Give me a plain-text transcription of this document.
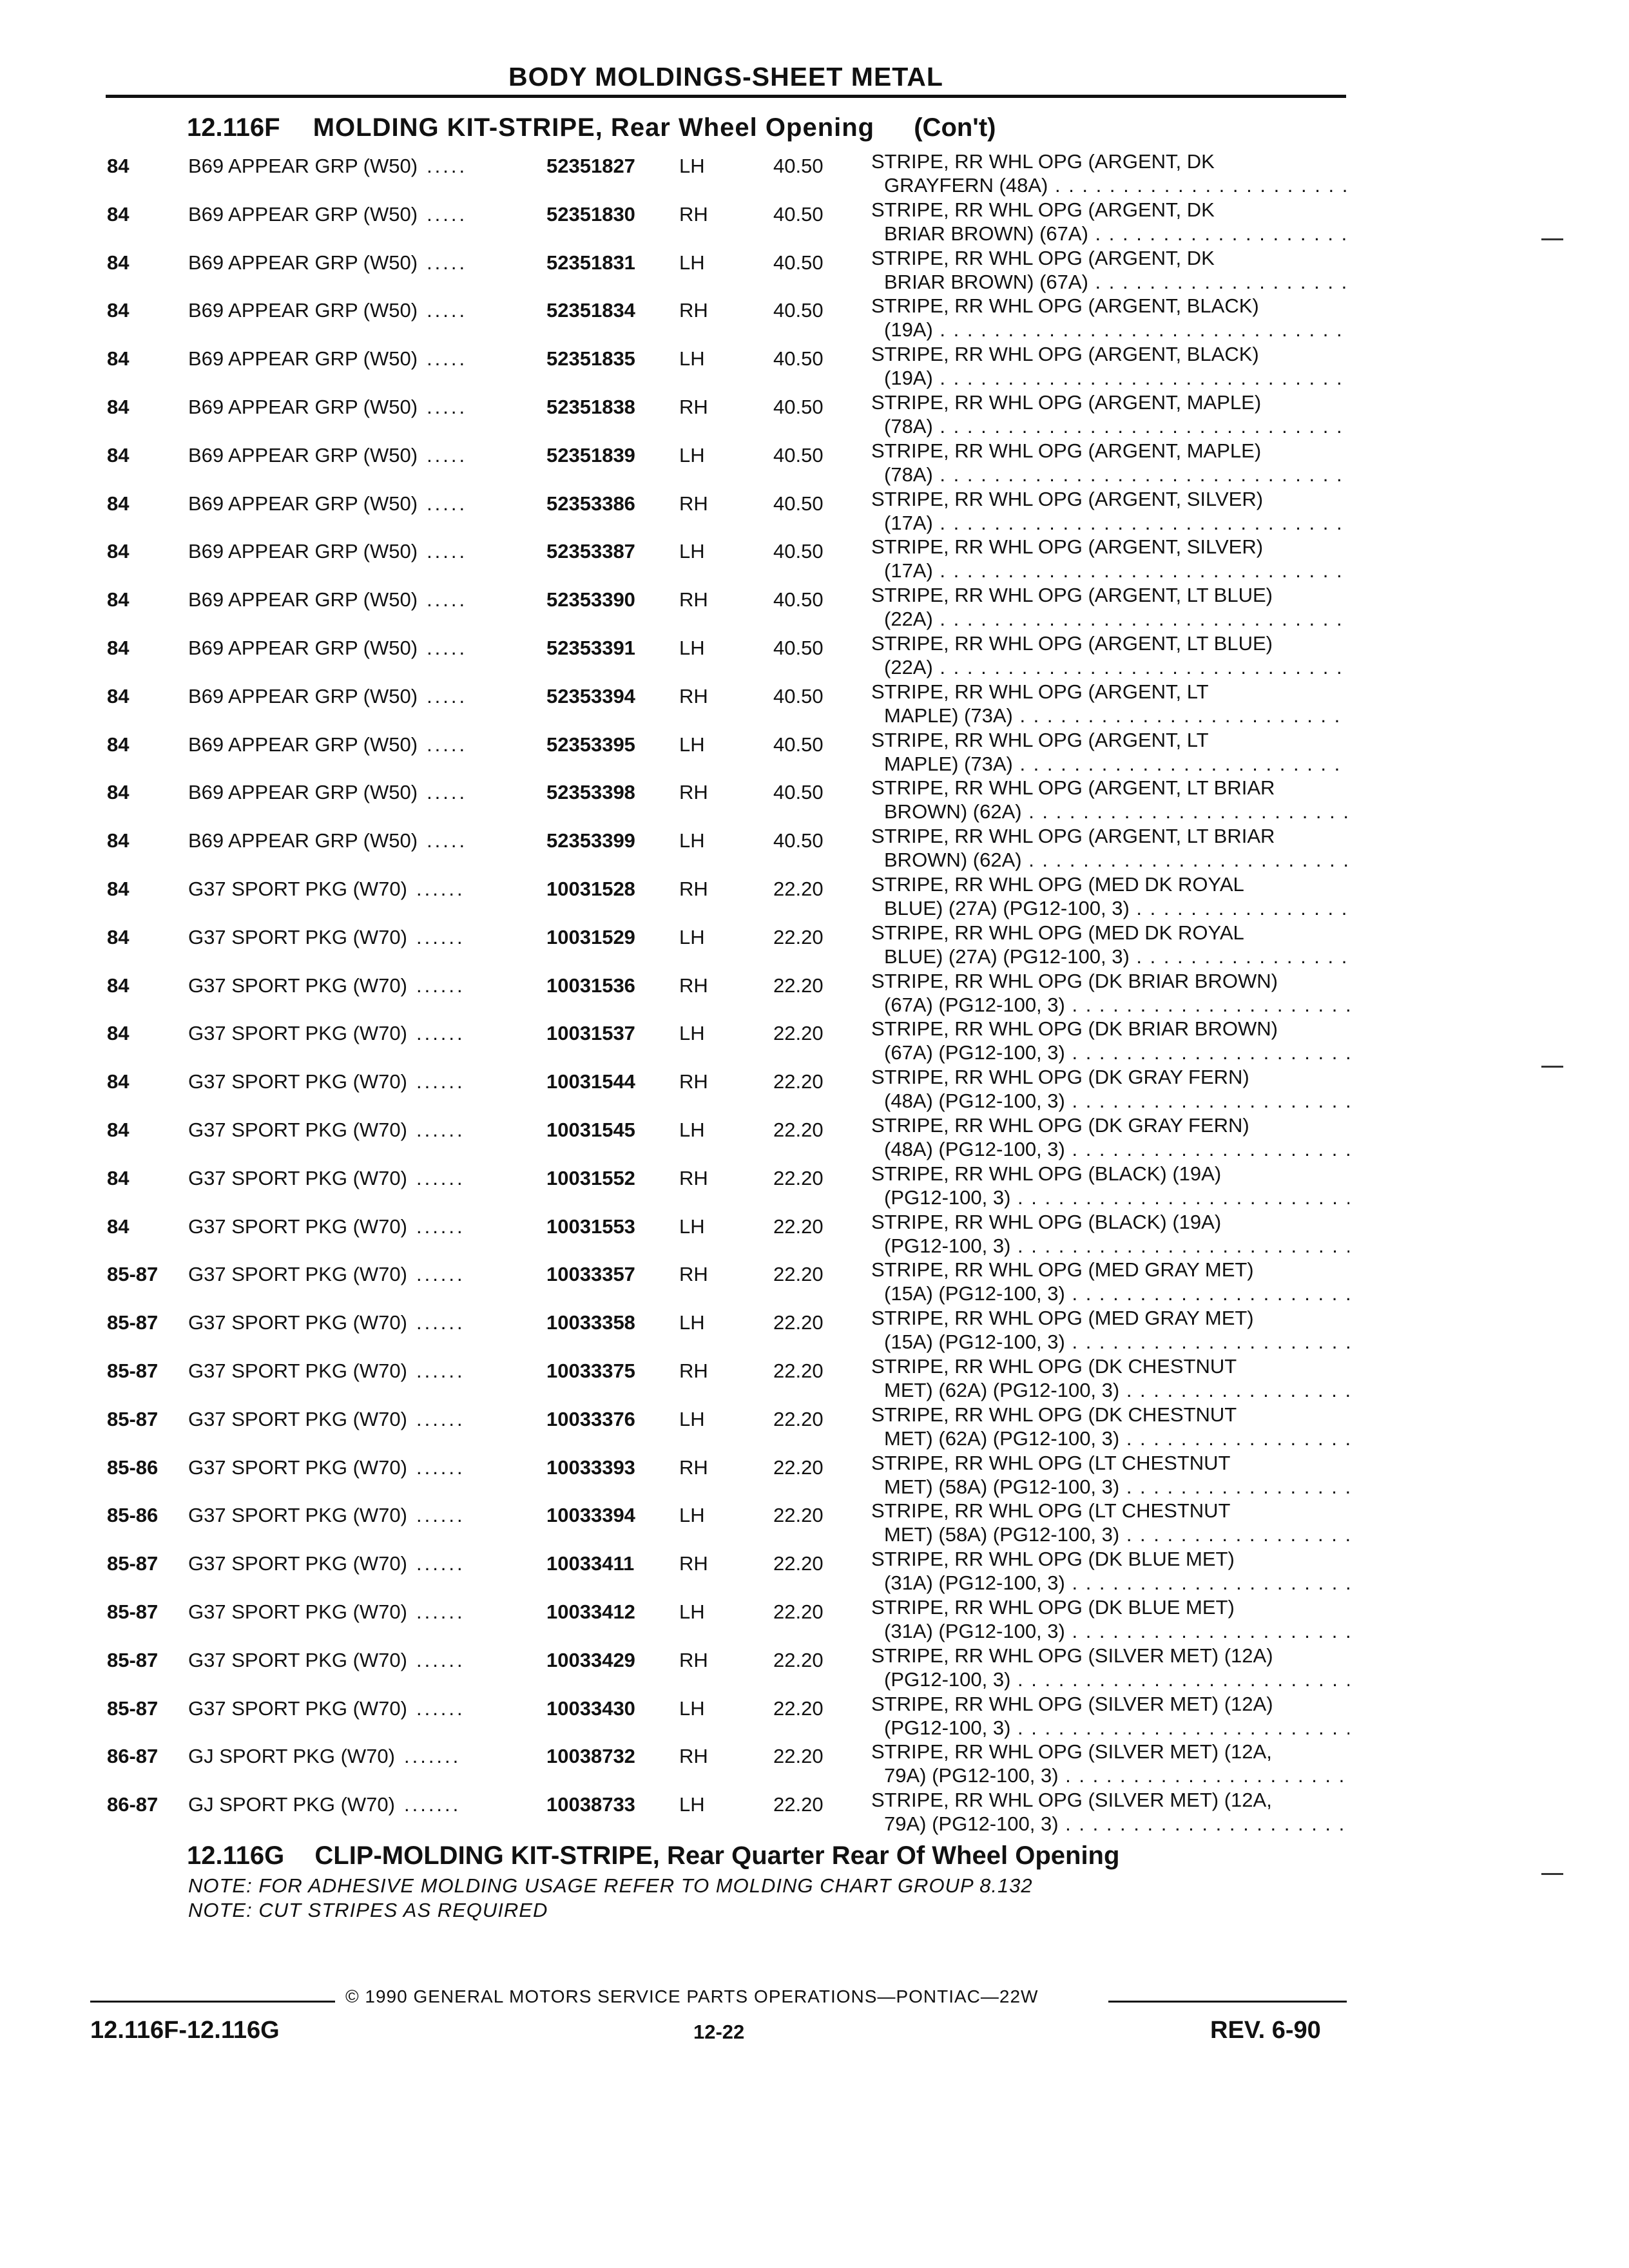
BODY MOLDINGS-SHEET METAL
12.116F MOLDING KIT-STRIPE, Rear Wheel Opening (Con't)
84	B69 APPEAR GRP (W50) .....	52351827 LH	40.50 STRIPE, RR WHL OPG (ARGENT, DK
GRAYFERN (48A) . . .
84	B69 APPEAR GRP (W50) .....	52351830 RH	40.50 STRIPE, RR WHL OPG (ARGENT, DK
BRIAR BROWN) (67A) . . .
84	B69 APPEAR GRP (W50) .....	52351831 LH	40.50 STRIPE, RR WHL OPG (ARGENT, DK
BRIAR BROWN) (67A) . . .
84	B69 APPEAR GRP (W50) .....	52351834 RH	40.50 STRIPE, RR WHL OPG (ARGENT, BLACK)
(19A) . . .
84	B69 APPEAR GRP (W50) .....	52351835 LH	40.50 STRIPE, RR WHL OPG (ARGENT, BLACK)
(19A) . . .
84	B69 APPEAR GRP (W50) .....	52351838 RH	40.50 STRIPE, RR WHL OPG (ARGENT, MAPLE)
(78A) . . .
84	B69 APPEAR GRP (W50) .....	52351839 LH	40.50 STRIPE, RR WHL OPG (ARGENT, MAPLE)
(78A) . . .
84	B69 APPEAR GRP (W50) .....	52353386 RH	40.50 STRIPE, RR WHL OPG (ARGENT, SILVER)
(17A) . . .
84	B69 APPEAR GRP (W50) .....	52353387 LH	40.50 STRIPE, RR WHL OPG (ARGENT, SILVER)
(17A) . . .
84	B69 APPEAR GRP (W50) .....	52353390 RH	40.50 STRIPE, RR WHL OPG (ARGENT, LT BLUE)
(22A) . . .
84	B69 APPEAR GRP (W50) .....	52353391 LH	40.50 STRIPE, RR WHL OPG (ARGENT, LT BLUE)
(22A) . . .
84	B69 APPEAR GRP (W50) .....	52353394 RH	40.50 STRIPE, RR WHL OPG (ARGENT, LT
MAPLE) (73A) . . .
84	B69 APPEAR GRP (W50) .....	52353395 LH	40.50 STRIPE, RR WHL OPG (ARGENT, LT
MAPLE) (73A) . . .
84	B69 APPEAR GRP (W50) .....	52353398 RH	40.50 STRIPE, RR WHL OPG (ARGENT, LT BRIAR
BROWN) (62A) . . .
84	B69 APPEAR GRP (W50) .....	52353399 LH	40.50 STRIPE, RR WHL OPG (ARGENT, LT BRIAR
BROWN) (62A) . . .
84	G37 SPORT PKG (W70) ......	10031528 RH	22.20 STRIPE, RR WHL OPG (MED DK ROYAL
BLUE) (27A) (PG12-100, 3) . . .
84	G37 SPORT PKG (W70) ......	10031529 LH	22.20 STRIPE, RR WHL OPG (MED DK ROYAL
BLUE) (27A) (PG12-100, 3) . . .
84	G37 SPORT PKG (W70) ......	10031536 RH	22.20 STRIPE, RR WHL OPG (DK BRIAR BROWN)
(67A) (PG12-100, 3) . . .
84	G37 SPORT PKG (W70) ......	10031537 LH	22.20 STRIPE, RR WHL OPG (DK BRIAR BROWN)
(67A) (PG12-100, 3) . . .
84	G37 SPORT PKG (W70) ......	10031544 RH	22.20 STRIPE, RR WHL OPG (DK GRAY FERN)
(48A) (PG12-100, 3) . . .
84	G37 SPORT PKG (W70) ......	10031545 LH	22.20 STRIPE, RR WHL OPG (DK GRAY FERN)
(48A) (PG12-100, 3) . . .
84	G37 SPORT PKG (W70) ......	10031552 RH	22.20 STRIPE, RR WHL OPG (BLACK) (19A)
(PG12-100, 3) . . .
84	G37 SPORT PKG (W70) ......	10031553 LH	22.20 STRIPE, RR WHL OPG (BLACK) (19A)
(PG12-100, 3) . . .
85-87 G37 SPORT PKG (W70) ......	10033357 RH	22.20 STRIPE, RR WHL OPG (MED GRAY MET)
(15A) (PG12-100, 3) . . .
85-87 G37 SPORT PKG (W70) ......	10033358 LH	22.20 STRIPE, RR WHL OPG (MED GRAY MET)
(15A) (PG12-100, 3) . . .
85-87 G37 SPORT PKG (W70) ......	10033375 RH	22.20 STRIPE, RR WHL OPG (DK CHESTNUT
MET) (62A) (PG12-100, 3) . . .
85-87 G37 SPORT PKG (W70) ......	10033376 LH	22.20 STRIPE, RR WHL OPG (DK CHESTNUT
MET) (62A) (PG12-100, 3) . . .
85-86 G37 SPORT PKG (W70) ......	10033393 RH	22.20 STRIPE, RR WHL OPG (LT CHESTNUT
MET) (58A) (PG12-100, 3) . . .
85-86 G37 SPORT PKG (W70) ......	10033394 LH	22.20 STRIPE, RR WHL OPG (LT CHESTNUT
MET) (58A) (PG12-100, 3) . . .
85-87 G37 SPORT PKG (W70) ......	10033411 RH	22.20 STRIPE, RR WHL OPG (DK BLUE MET)
(31A) (PG12-100, 3) . . .
85-87 G37 SPORT PKG (W70) ......	10033412 LH	22.20 STRIPE, RR WHL OPG (DK BLUE MET)
(31A) (PG12-100, 3) . . .
85-87 G37 SPORT PKG (W70) ......	10033429 RH	22.20 STRIPE, RR WHL OPG (SILVER MET) (12A)
(PG12-100, 3) . . .
85-87 G37 SPORT PKG (W70) ......	10033430 LH	22.20 STRIPE, RR WHL OPG (SILVER MET) (12A)
(PG12-100, 3) . . .
86-87 GJ SPORT PKG (W70) .......	10038732 RH	22.20 STRIPE, RR WHL OPG (SILVER MET) (12A,
79A) (PG12-100, 3) . . .
86-87 GJ SPORT PKG (W70) .......	10038733 LH	22.20 STRIPE, RR WHL OPG (SILVER MET) (12A,
79A) (PG12-100, 3) . . .
12.116G CLIP-MOLDING KIT-STRIPE, Rear Quarter Rear Of Wheel Opening
NOTE: FOR ADHESIVE MOLDING USAGE REFER TO MOLDING CHART GROUP 8.132
NOTE: CUT STRIPES AS REQUIRED
© 1990 GENERAL MOTORS SERVICE PARTS OPERATIONS—PONTIAC—22W
12.116F-12.116G	12-22	REV. 6-90
